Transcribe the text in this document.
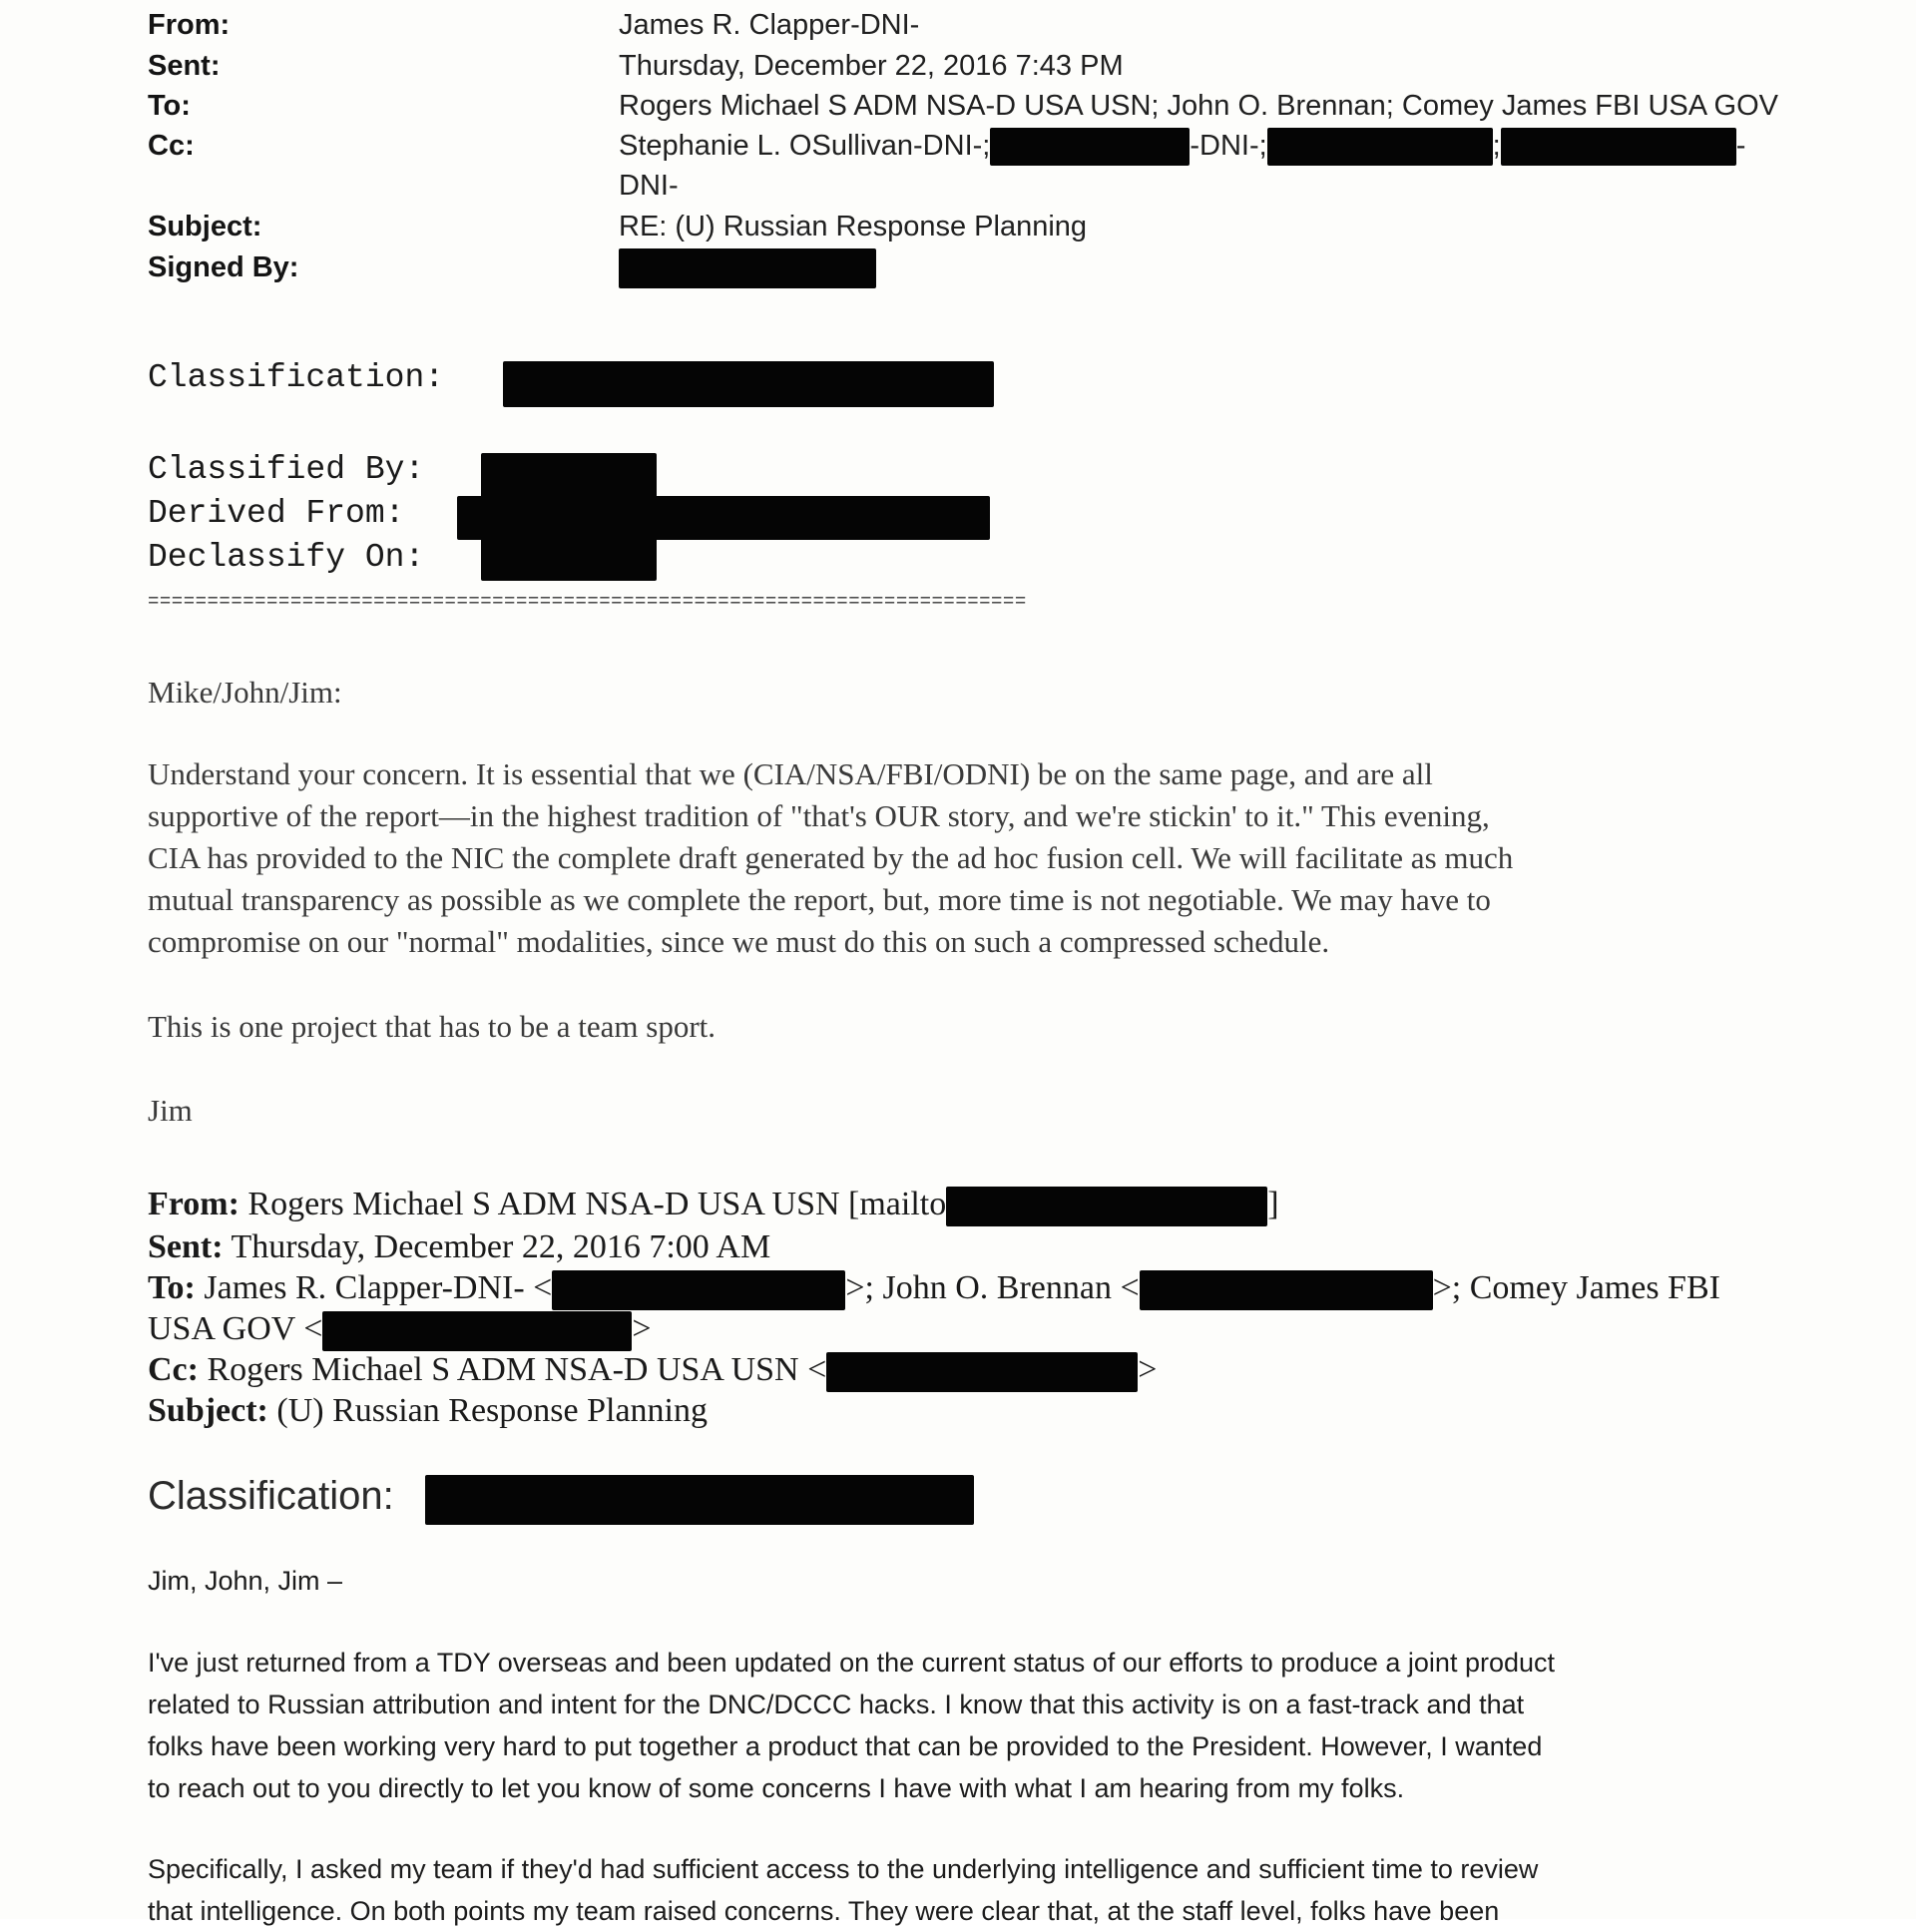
From:	James R. Clapper-DNI-
Sent:	Thursday, December 22, 2016 7:43 PM
To:	Rogers Michael S ADM NSA-D USA USN; John O. Brennan; Comey James FBI USA GOV
Cc:	Stephanie L. OSullivan-DNI-;	-DNI-;	;	-
DNI-
Subject:	RE: (U) Russian Response Planning
Signed By:
Classification:
Classified By:
Derived From:
Declassify On:
==========================================================================
Mike/John/Jim:
Understand your concern. It is essential that we (CIA/NSA/FBI/ODNI) be on the same page, and are all
supportive of the report—in the highest tradition of "that's OUR story, and we're stickin' to it." This evening,
CIA has provided to the NIC the complete draft generated by the ad hoc fusion cell. We will facilitate as much
mutual transparency as possible as we complete the report, but, more time is not negotiable. We may have to
compromise on our "normal" modalities, since we must do this on such a compressed schedule.
This is one project that has to be a team sport.
Jim
From: Rogers Michael S ADM NSA-D USA USN [mailto	]
Sent: Thursday, December 22, 2016 7:00 AM
To: James R. Clapper-DNI- <	>; John O. Brennan <	>; Comey James FBI
USA GOV <	>
Cc: Rogers Michael S ADM NSA-D USA USN <	>
Subject: (U) Russian Response Planning
Classification:
Jim, John, Jim –
I've just returned from a TDY overseas and been updated on the current status of our efforts to produce a joint product
related to Russian attribution and intent for the DNC/DCCC hacks. I know that this activity is on a fast-track and that
folks have been working very hard to put together a product that can be provided to the President. However, I wanted
to reach out to you directly to let you know of some concerns I have with what I am hearing from my folks.
Specifically, I asked my team if they'd had sufficient access to the underlying intelligence and sufficient time to review
that intelligence. On both points my team raised concerns. They were clear that, at the staff level, folks have been
